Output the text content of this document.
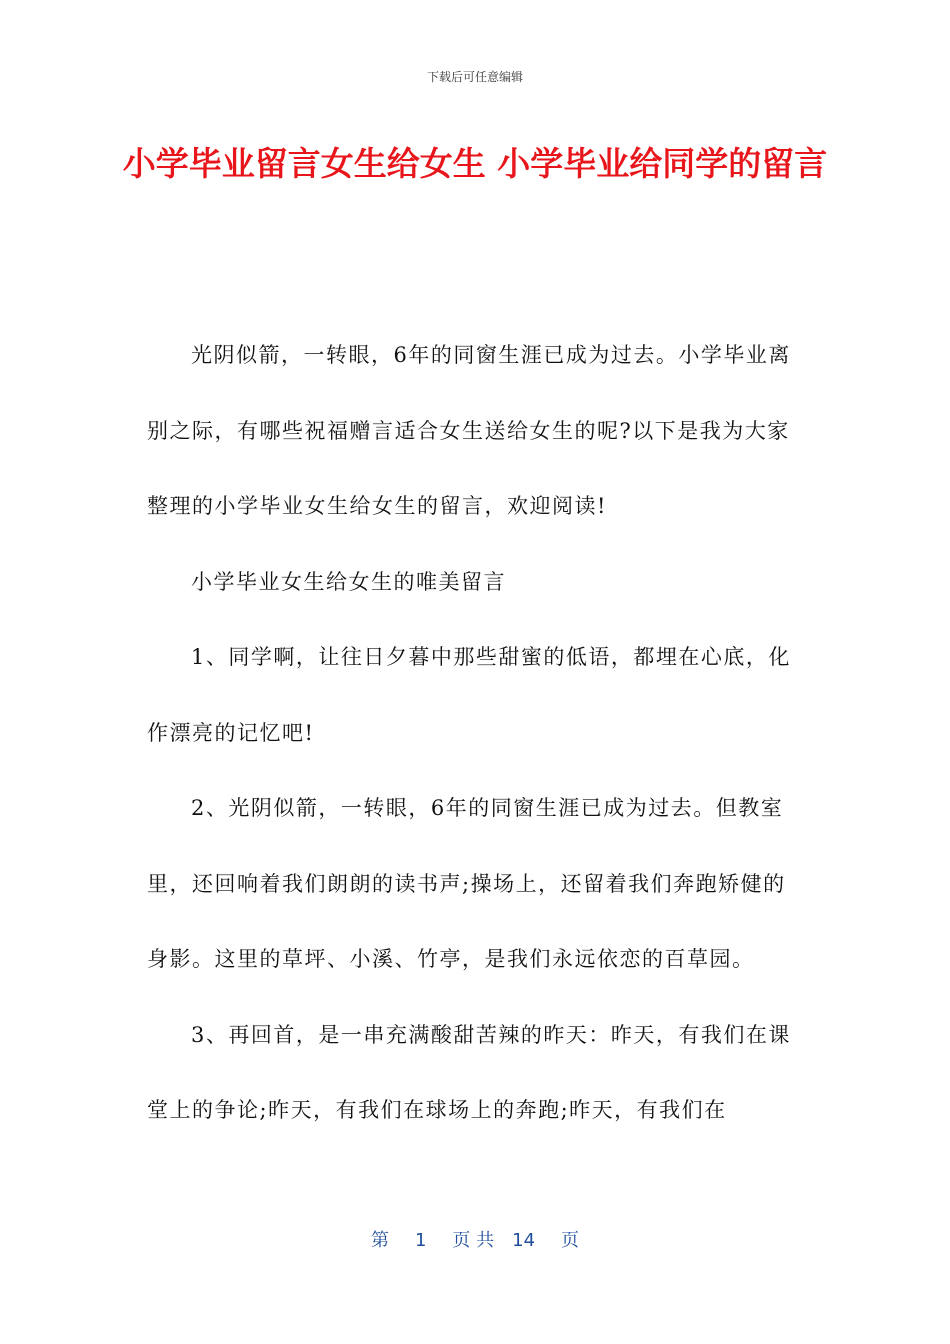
下载后可任意编辑
小学毕业留言女生给女生 小学毕业给同学的留言

光阴似箭，一转眼，6年的同窗生涯已成为过去。小学毕业离别之际，有哪些祝福赠言适合女生送给女生的呢?以下是我为大家整理的小学毕业女生给女生的留言，欢迎阅读!

小学毕业女生给女生的唯美留言

1、同学啊，让往日夕暮中那些甜蜜的低语，都埋在心底，化作漂亮的记忆吧!

2、光阴似箭，一转眼，6年的同窗生涯已成为过去。但教室里，还回响着我们朗朗的读书声;操场上，还留着我们奔跑矫健的身影。这里的草坪、小溪、竹亭，是我们永远依恋的百草园。

3、再回首，是一串充满酸甜苦辣的昨天：昨天，有我们在课堂上的争论;昨天，有我们在球场上的奔跑;昨天，有我们在

第 1 页 共 14 页
